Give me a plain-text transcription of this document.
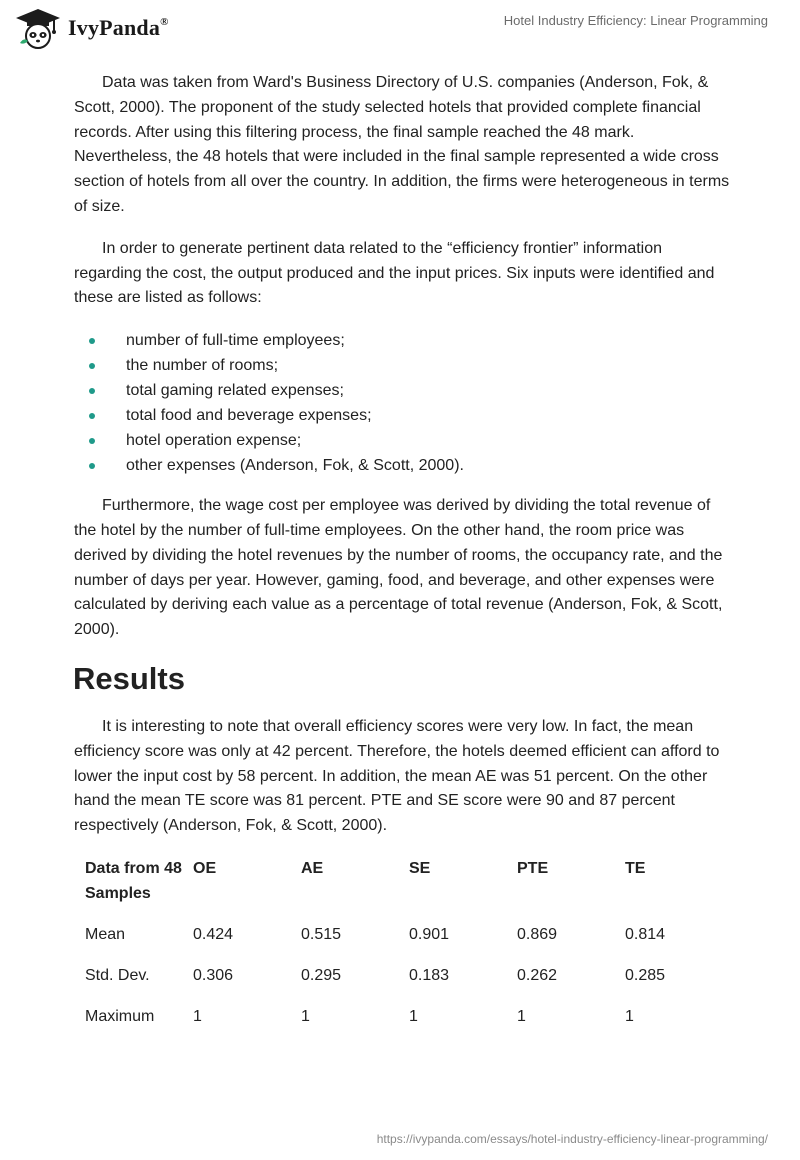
IvyPanda®	Hotel Industry Efficiency: Linear Programming

Data was taken from Ward's Business Directory of U.S. companies (Anderson, Fok, & Scott, 2000). The proponent of the study selected hotels that provided complete financial records. After using this filtering process, the final sample reached the 48 mark. Nevertheless, the 48 hotels that were included in the final sample represented a wide cross section of hotels from all over the country. In addition, the firms were heterogeneous in terms of size.

In order to generate pertinent data related to the “efficiency frontier” information regarding the cost, the output produced and the input prices. Six inputs were identified and these are listed as follows:

number of full-time employees;
the number of rooms;
total gaming related expenses;
total food and beverage expenses;
hotel operation expense;
other expenses (Anderson, Fok, & Scott, 2000).

Furthermore, the wage cost per employee was derived by dividing the total revenue of the hotel by the number of full-time employees. On the other hand, the room price was derived by dividing the hotel revenues by the number of rooms, the occupancy rate, and the number of days per year. However, gaming, food, and beverage, and other expenses were calculated by deriving each value as a percentage of total revenue (Anderson, Fok, & Scott, 2000).

Results

It is interesting to note that overall efficiency scores were very low. In fact, the mean efficiency score was only at 42 percent. Therefore, the hotels deemed efficient can afford to lower the input cost by 58 percent. In addition, the mean AE was 51 percent. On the other hand the mean TE score was 81 percent. PTE and SE score were 90 and 87 percent respectively (Anderson, Fok, & Scott, 2000).

Data from 48 Samples	OE	AE	SE	PTE	TE
Mean	0.424	0.515	0.901	0.869	0.814
Std. Dev.	0.306	0.295	0.183	0.262	0.285
Maximum	1	1	1	1	1
https://ivypanda.com/essays/hotel-industry-efficiency-linear-programming/
